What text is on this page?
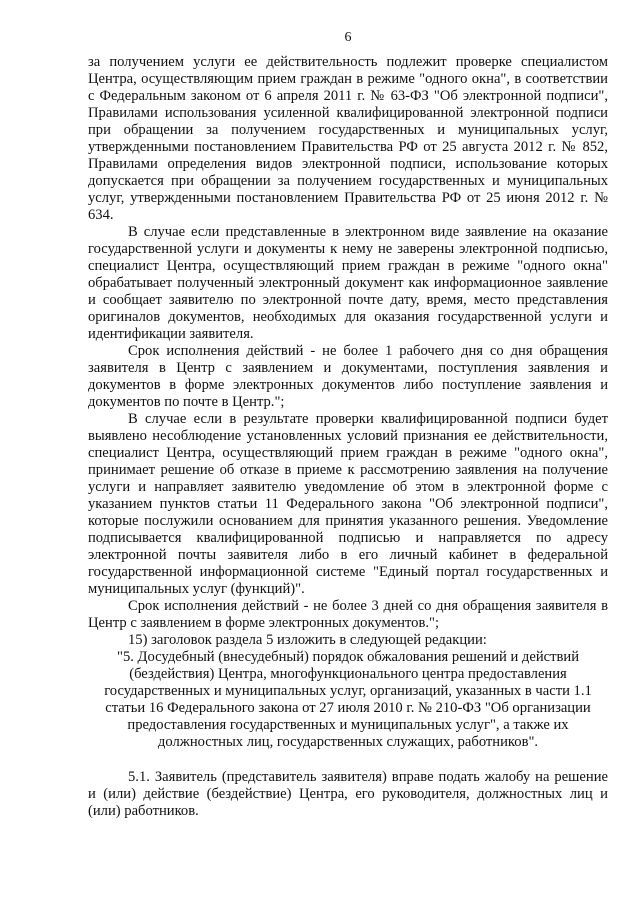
6

за получением услуги ее действительность подлежит проверке специалистом Центра, осуществляющим прием граждан в режиме "одного окна", в соответствии с Федеральным законом от 6 апреля 2011 г. № 63-ФЗ "Об электронной подписи", Правилами использования усиленной квалифицированной электронной подписи при обращении за получением государственных и муниципальных услуг, утвержденными постановлением Правительства РФ от 25 августа 2012 г. № 852, Правилами определения видов электронной подписи, использование которых допускается при обращении за получением государственных и муниципальных услуг, утвержденными постановлением Правительства РФ от 25 июня 2012 г. № 634.

В случае если представленные в электронном виде заявление на оказание государственной услуги и документы к нему не заверены электронной подписью, специалист Центра, осуществляющий прием граждан в режиме "одного окна" обрабатывает полученный электронный документ как информационное заявление и сообщает заявителю по электронной почте дату, время, место представления оригиналов документов, необходимых для оказания государственной услуги и идентификации заявителя.

Срок исполнения действий - не более 1 рабочего дня со дня обращения заявителя в Центр с заявлением и документами, поступления заявления и документов в форме электронных документов либо поступление заявления и документов по почте в Центр.";

В случае если в результате проверки квалифицированной подписи будет выявлено несоблюдение установленных условий признания ее действительности, специалист Центра, осуществляющий прием граждан в режиме "одного окна", принимает решение об отказе в приеме к рассмотрению заявления на получение услуги и направляет заявителю уведомление об этом в электронной форме с указанием пунктов статьи 11 Федерального закона "Об электронной подписи", которые послужили основанием для принятия указанного решения. Уведомление подписывается квалифицированной подписью и направляется по адресу электронной почты заявителя либо в его личный кабинет в федеральной государственной информационной системе "Единый портал государственных и муниципальных услуг (функций)".

Срок исполнения действий - не более 3 дней со дня обращения заявителя в Центр с заявлением в форме электронных документов.";

15) заголовок раздела 5 изложить в следующей редакции:

"5. Досудебный (внесудебный) порядок обжалования решений и действий (бездействия) Центра, многофункционального центра предоставления государственных и муниципальных услуг, организаций, указанных в части 1.1 статьи 16 Федерального закона от 27 июля 2010 г. № 210-ФЗ "Об организации предоставления государственных и муниципальных услуг", а также их должностных лиц, государственных служащих, работников".

5.1. Заявитель (представитель заявителя) вправе подать жалобу на решение и (или) действие (бездействие) Центра, его руководителя, должностных лиц и (или) работников.
